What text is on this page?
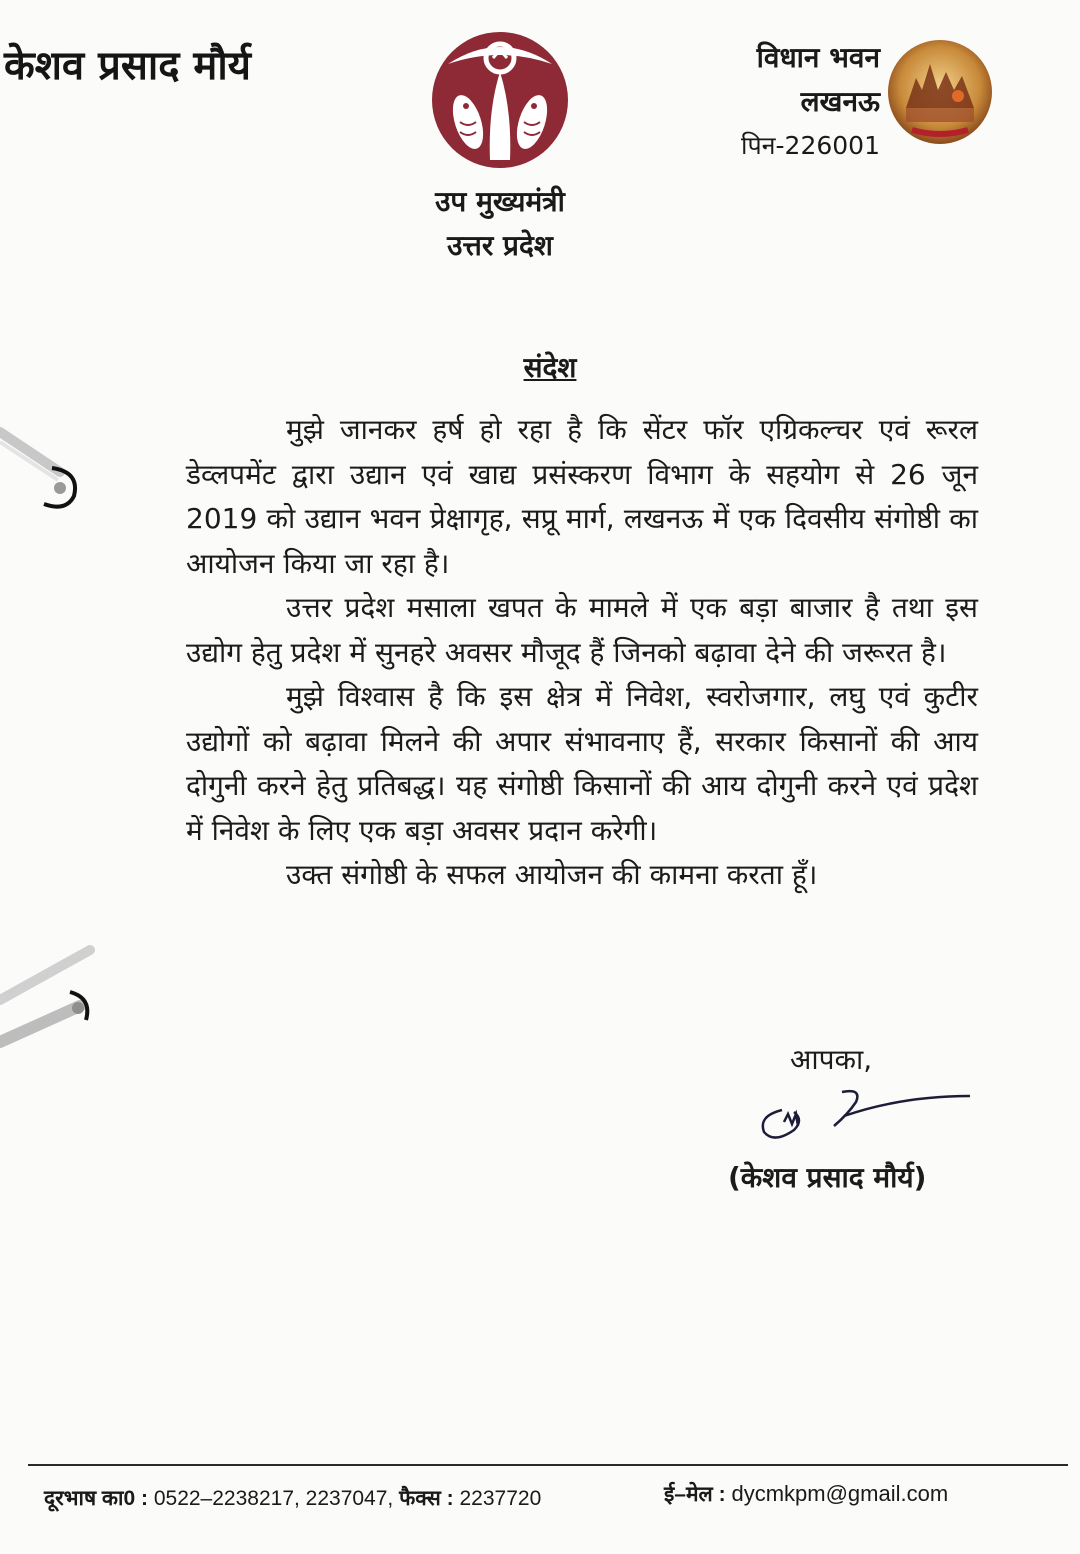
केशव प्रसाद मौर्य
उप मुख्यमंत्री
उत्तर प्रदेश
विधान भवन
लखनऊ
पिन-226001
संदेश

मुझे जानकर हर्ष हो रहा है कि सेंटर फॉर एग्रिकल्चर एवं रूरल डेव्लपमेंट द्वारा उद्यान एवं खाद्य प्रसंस्करण विभाग के सहयोग से 26 जून 2019 को उद्यान भवन प्रेक्षागृह, सप्रू मार्ग, लखनऊ में एक दिवसीय संगोष्ठी का आयोजन किया जा रहा है।

उत्तर प्रदेश मसाला खपत के मामले में एक बड़ा बाजार है तथा इस उद्योग हेतु प्रदेश में सुनहरे अवसर मौजूद हैं जिनको बढ़ावा देने की जरूरत है।

मुझे विश्वास है कि इस क्षेत्र में निवेश, स्वरोजगार, लघु एवं कुटीर उद्योगों को बढ़ावा मिलने की अपार संभावनाए हैं, सरकार किसानों की आय दोगुनी करने हेतु प्रतिबद्ध। यह संगोष्ठी किसानों की आय दोगुनी करने एवं प्रदेश में निवेश के लिए एक बड़ा अवसर प्रदान करेगी।

उक्त संगोष्ठी के सफल आयोजन की कामना करता हूँ।

आपका,
(केशव प्रसाद मौर्य)
दूरभाष का0 : 0522–2238217, 2237047, फैक्स : 2237720	ई–मेल : dycmkpm@gmail.com
